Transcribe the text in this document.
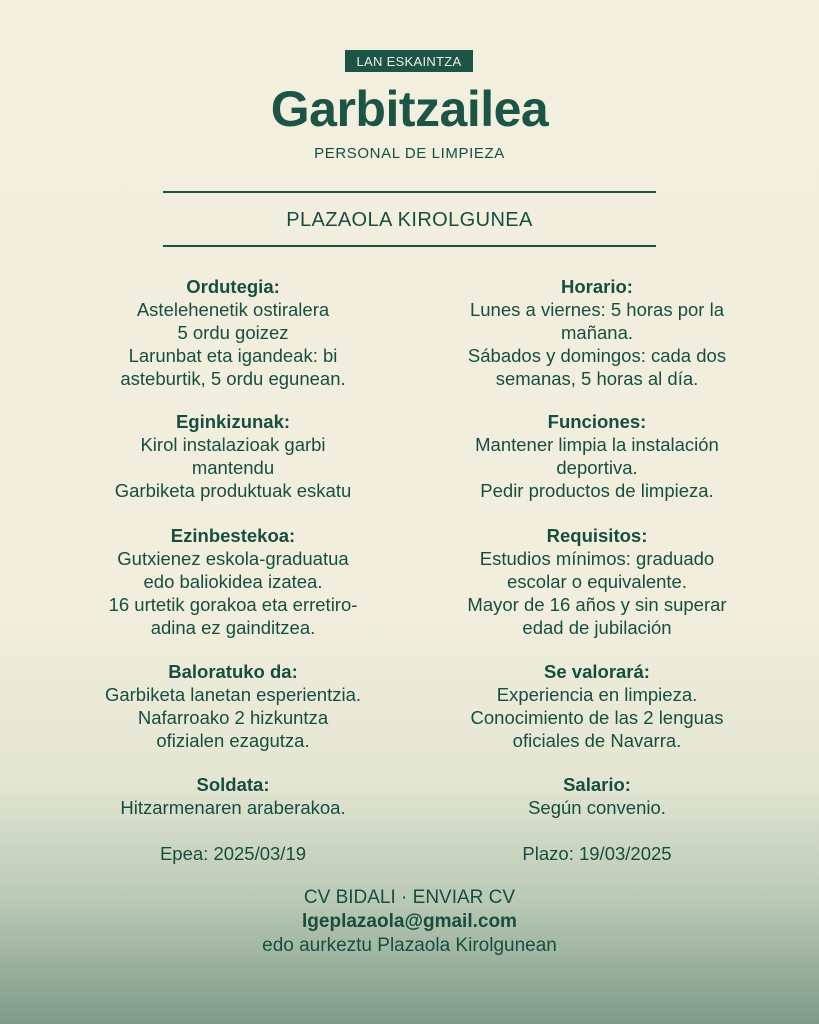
LAN ESKAINTZA
Garbitzailea
PERSONAL DE LIMPIEZA
PLAZAOLA KIROLGUNEA
Ordutegia:
Astelehenetik ostiralera
5 ordu goizez
Larunbat eta igandeak: bi
asteburtik, 5 ordu egunean.
Eginkizunak:
Kirol instalazioak garbi
mantendu
Garbiketa produktuak eskatu
Ezinbestekoa:
Gutxienez eskola-graduatua
edo baliokidea izatea.
16 urtetik gorakoa eta erretiro-
adina ez gainditzea.
Baloratuko da:
Garbiketa lanetan esperientzia.
Nafarroako 2 hizkuntza
ofizialen ezagutza.
Soldata:
Hitzarmenaren araberakoa.
Epea: 2025/03/19
Horario:
Lunes a viernes: 5 horas por la
mañana.
Sábados y domingos: cada dos
semanas, 5 horas al día.
Funciones:
Mantener limpia la instalación
deportiva.
Pedir productos de limpieza.
Requisitos:
Estudios mínimos: graduado
escolar o equivalente.
Mayor de 16 años y sin superar
edad de jubilación
Se valorará:
Experiencia en limpieza.
Conocimiento de las 2 lenguas
oficiales de Navarra.
Salario:
Según convenio.
Plazo: 19/03/2025
CV BIDALI · ENVIAR CV
lgeplazaola@gmail.com
edo aurkeztu Plazaola Kirolgunean
